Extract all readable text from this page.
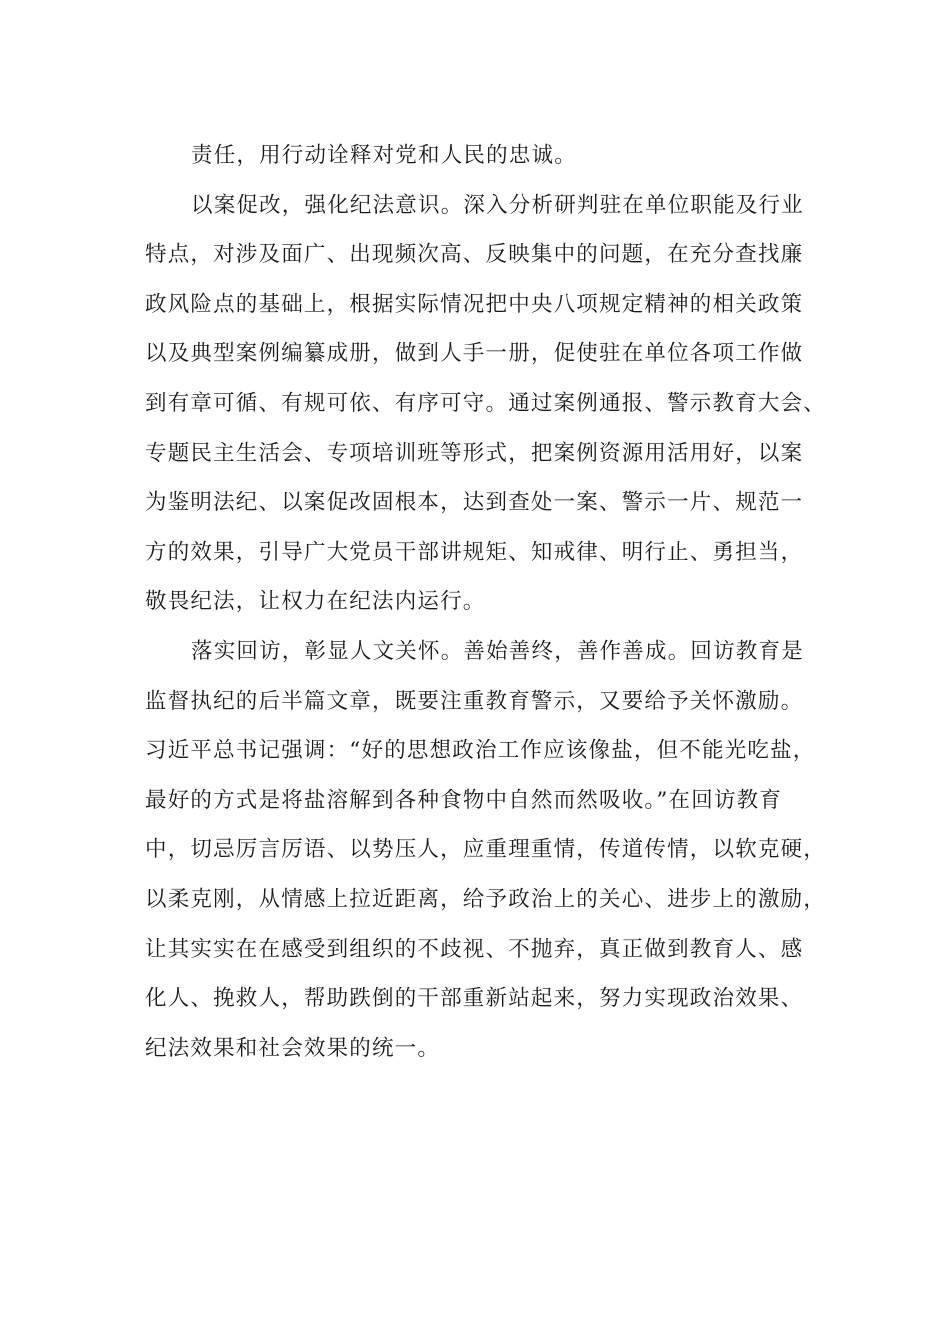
责任，用行动诠释对党和人民的忠诚。
以案促改，强化纪法意识。深入分析研判驻在单位职能及行业
特点，对涉及面广、出现频次高、反映集中的问题，在充分查找廉
政风险点的基础上，根据实际情况把中央八项规定精神的相关政策
以及典型案例编纂成册，做到人手一册，促使驻在单位各项工作做
到有章可循、有规可依、有序可守。通过案例通报、警示教育大会、
专题民主生活会、专项培训班等形式，把案例资源用活用好，以案
为鉴明法纪、以案促改固根本，达到查处一案、警示一片、规范一
方的效果，引导广大党员干部讲规矩、知戒律、明行止、勇担当，
敬畏纪法，让权力在纪法内运行。
落实回访，彰显人文关怀。善始善终，善作善成。回访教育是
监督执纪的后半篇文章，既要注重教育警示，又要给予关怀激励。
习近平总书记强调：“好的思想政治工作应该像盐，但不能光吃盐，
最好的方式是将盐溶解到各种食物中自然而然吸收。”在回访教育
中，切忌厉言厉语、以势压人，应重理重情，传道传情，以软克硬，
以柔克刚，从情感上拉近距离，给予政治上的关心、进步上的激励，
让其实实在在感受到组织的不歧视、不抛弃，真正做到教育人、感
化人、挽救人，帮助跌倒的干部重新站起来，努力实现政治效果、
纪法效果和社会效果的统一。
